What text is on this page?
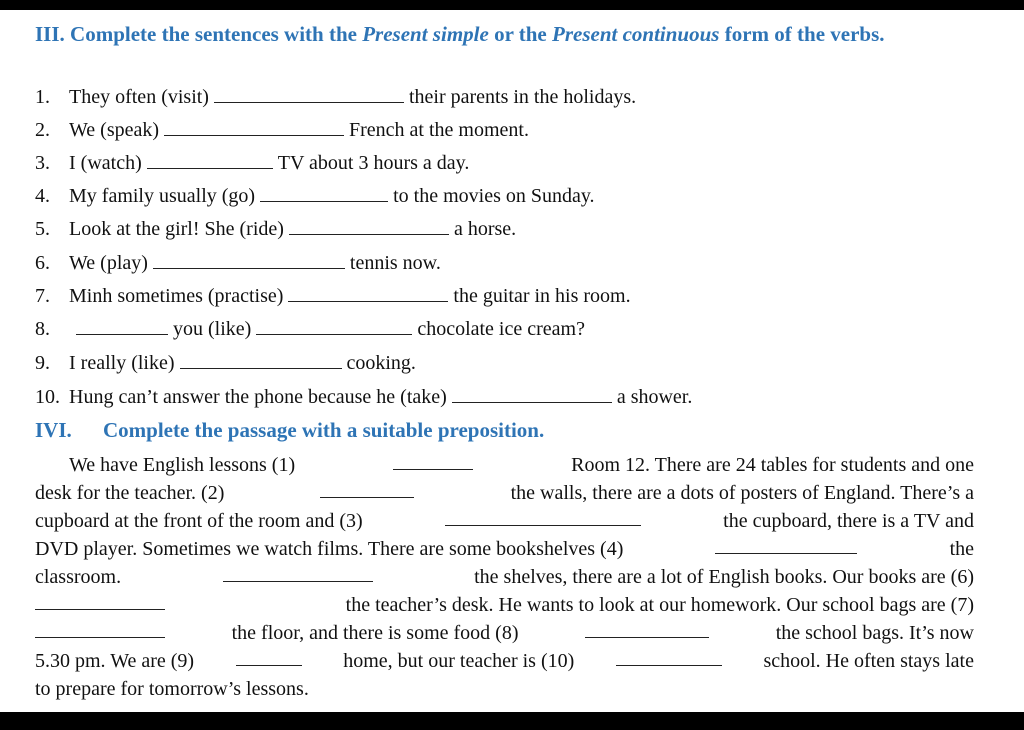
III. Complete the sentences with the Present simple or the Present continuous form of the verbs.
1. They often (visit)	their parents in the holidays.
2. We (speak)	French at the moment.
3. I (watch)	TV about 3 hours a day.
4. My family usually (go)	to the movies on Sunday.
5. Look at the girl! She (ride)	a horse.
6. We (play)	tennis now.
7. Minh sometimes (practise)	the guitar in his room.
8.	you (like)	chocolate ice cream?
9. I really (like)	cooking.
10. Hung can’t answer the phone because he (take)	a shower.
IVI. Complete the passage with a suitable preposition.
We have English lessons (1)	Room 12. There are 24 tables for students and one
desk for the teacher. (2)	the walls, there are a dots of posters of England. There’s a
cupboard at the front of the room and (3)	the cupboard, there is a TV and
DVD player. Sometimes we watch films. There are some bookshelves (4)	the
classroom.	the shelves, there are a lot of English books. Our books are (6)
the teacher’s desk. He wants to look at our homework. Our school bags are (7)
the floor, and there is some food (8)	the school bags. It’s now
5.30 pm. We are (9)	home, but our teacher is (10)	school. He often stays late
to prepare for tomorrow’s lessons.
